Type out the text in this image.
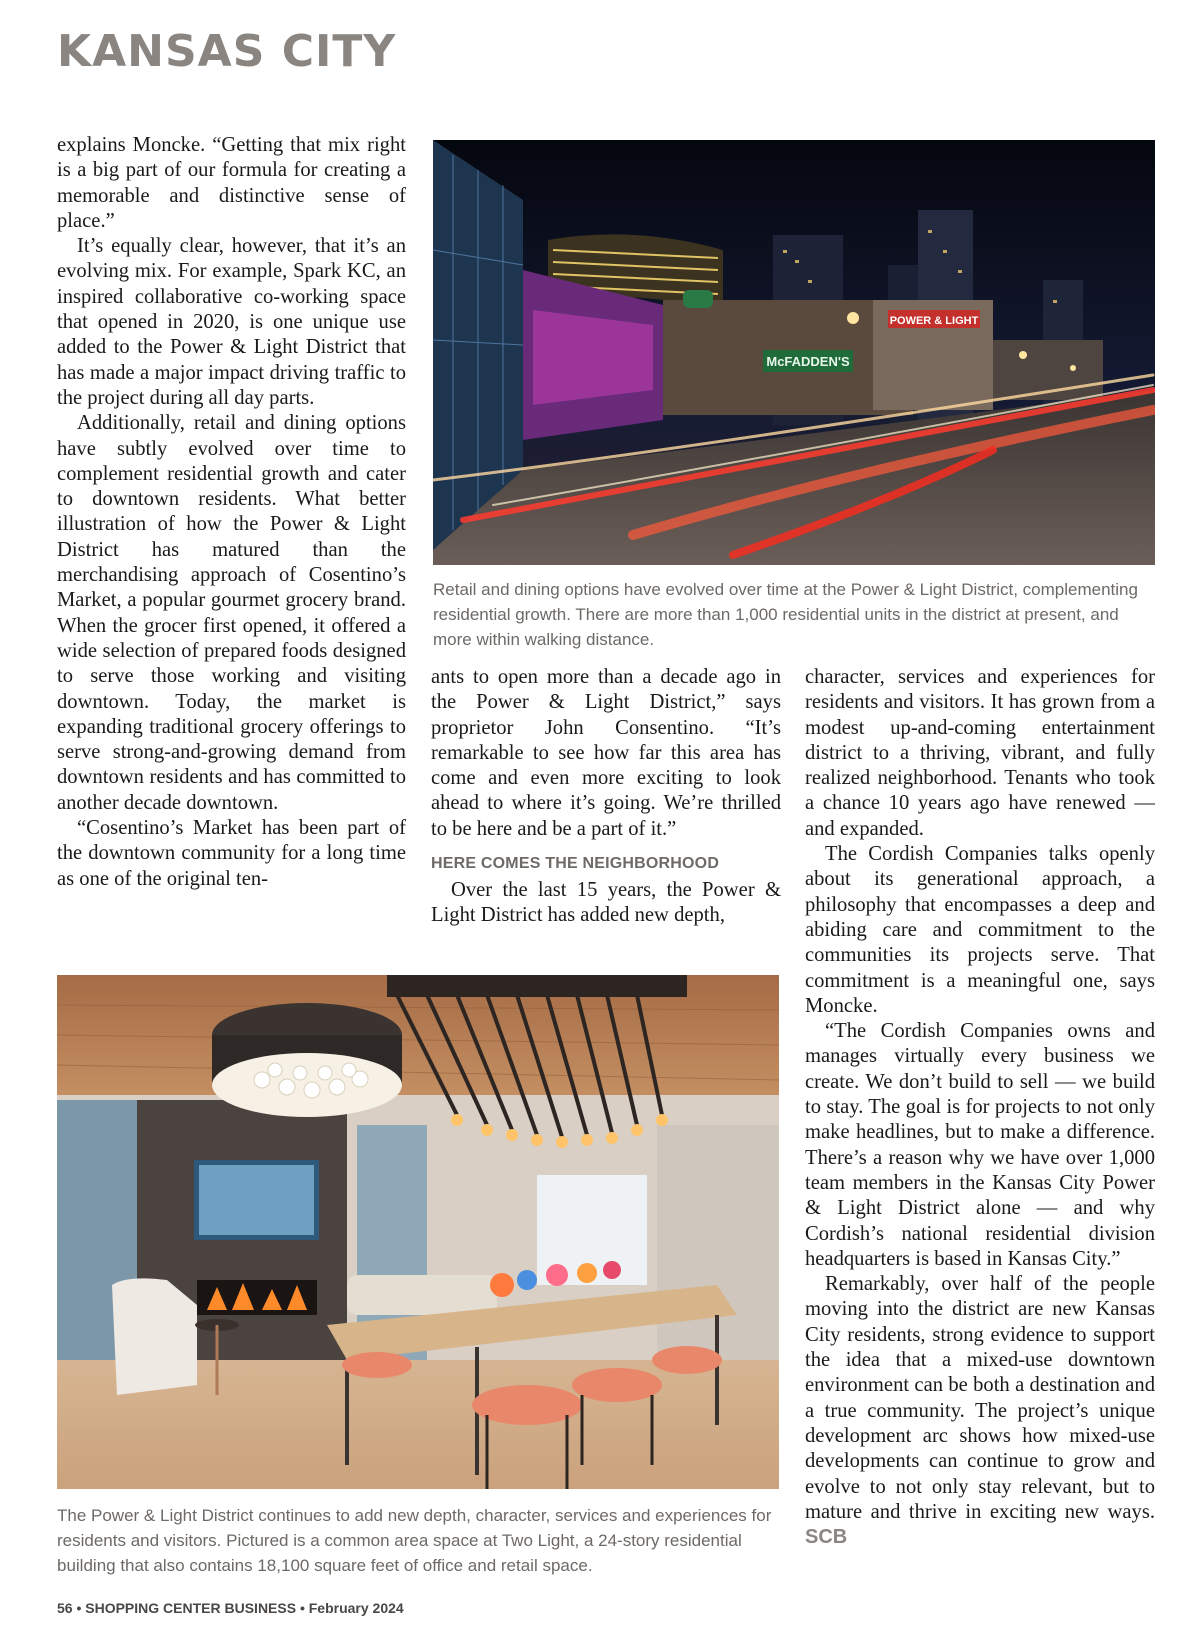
KANSAS CITY

explains Moncke. “Getting that mix right is a big part of our formula for creating a memorable and distinctive sense of place.”

It’s equally clear, however, that it’s an evolving mix. For example, Spark KC, an inspired collaborative co-working space that opened in 2020, is one unique use added to the Power & Light District that has made a major impact driving traffic to the project during all day parts.

Additionally, retail and dining options have subtly evolved over time to complement residential growth and cater to downtown residents. What better illustration of how the Power & Light District has matured than the merchandising approach of Cosentino’s Market, a popular gourmet grocery brand. When the grocer first opened, it offered a wide selection of prepared foods designed to serve those working and visiting downtown. Today, the market is expanding traditional grocery offerings to serve strong-and-growing demand from downtown residents and has committed to another decade downtown.

“Cosentino’s Market has been part of the downtown community for a long time as one of the original ten-

McFADDEN'S
POWER & LIGHT

Retail and dining options have evolved over time at the Power & Light District, complementing residential growth. There are more than 1,000 residential units in the district at present, and more within walking distance.

ants to open more than a decade ago in the Power & Light District,” says proprietor John Consentino. “It’s remarkable to see how far this area has come and even more exciting to look ahead to where it’s going. We’re thrilled to be here and be a part of it.”

HERE COMES THE NEIGHBORHOOD

Over the last 15 years, the Power & Light District has added new depth,

character, services and experiences for residents and visitors. It has grown from a modest up-and-coming entertainment district to a thriving, vibrant, and fully realized neighborhood. Tenants who took a chance 10 years ago have renewed — and expanded.

The Cordish Companies talks openly about its generational approach, a philosophy that encompasses a deep and abiding care and commitment to the communities its projects serve. That commitment is a meaningful one, says Moncke.

“The Cordish Companies owns and manages virtually every business we create. We don’t build to sell — we build to stay. The goal is for projects to not only make headlines, but to make a difference. There’s a reason why we have over 1,000 team members in the Kansas City Power & Light District alone — and why Cordish’s national residential division headquarters is based in Kansas City.”

Remarkably, over half of the people moving into the district are new Kansas City residents, strong evidence to support the idea that a mixed-use downtown environment can be both a destination and a true community. The project’s unique development arc shows how mixed-use developments can continue to grow and evolve to not only stay relevant, but to mature and thrive in exciting new ways. SCB

The Power & Light District continues to add new depth, character, services and experiences for residents and visitors. Pictured is a common area space at Two Light, a 24-story residential building that also contains 18,100 square feet of office and retail space.

56 • SHOPPING CENTER BUSINESS • February 2024
